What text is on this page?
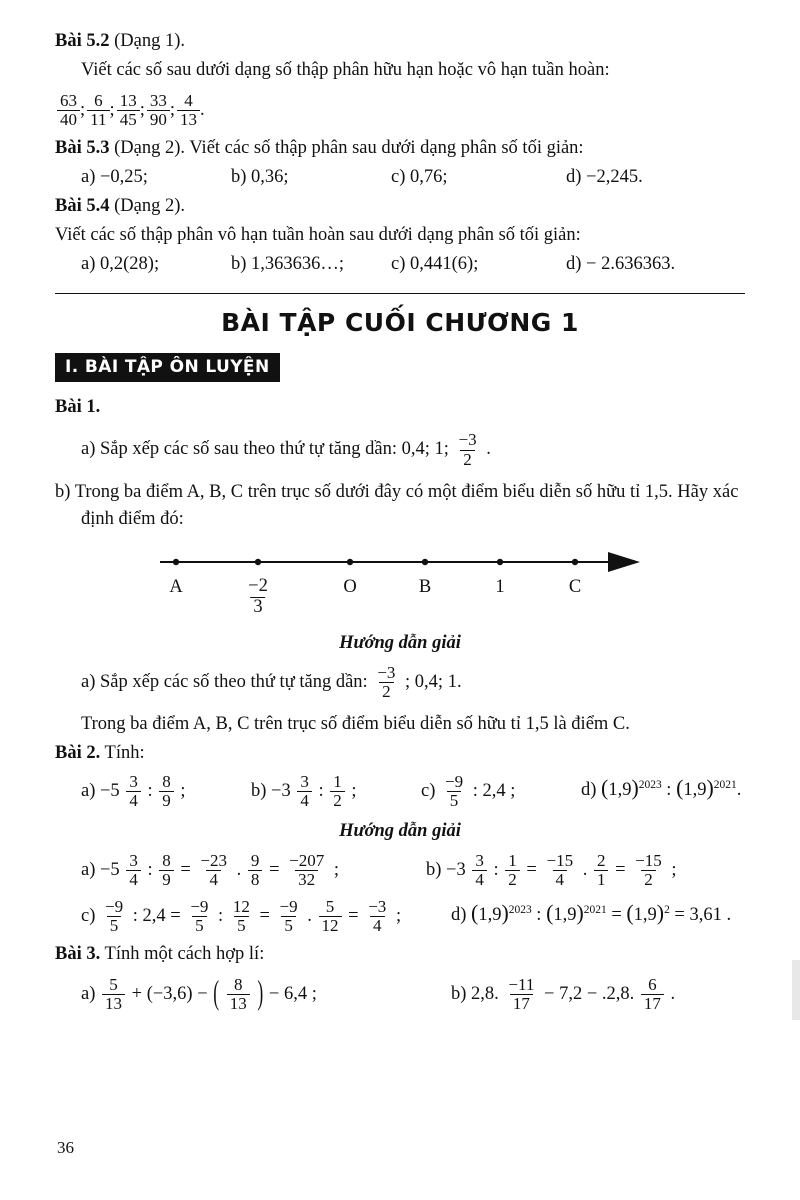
Bài 5.2 (Dạng 1).
Viết các số sau dưới dạng số thập phân hữu hạn hoặc vô hạn tuần hoàn:
$\frac{63}{40}$ ; $\frac{6}{11}$ ; $\frac{13}{45}$ ; $\frac{33}{90}$ ; $\frac{4}{13}$ .
Bài 5.3 (Dạng 2). Viết các số thập phân sau dưới dạng phân số tối giản:
a) −0,25;	b) 0,36;	c) 0,76;	d) −2,245.
Bài 5.4 (Dạng 2).
Viết các số thập phân vô hạn tuần hoàn sau dưới dạng phân số tối giản:
a) 0,2(28);	b) 1,363636…;	c) 0,441(6);	d) − 2.636363.
BÀI TẬP CUỐI CHƯƠNG 1
I. BÀI TẬP ÔN LUYỆN
Bài 1.
a) Sắp xếp các số sau theo thứ tự tăng dần: 0,4; 1; $\frac{-3}{2}$ .
b) Trong ba điểm A, B, C trên trục số dưới đây có một điểm biểu diễn số hữu tỉ 1,5. Hãy xác định điểm đó:
A	$\frac{-2}{3}$	O	B	1	C
Hướng dẫn giải
a) Sắp xếp các số theo thứ tự tăng dần: $\frac{-3}{2}$ ; 0,4; 1.
Trong ba điểm A, B, C trên trục số điểm biểu diễn số hữu tỉ 1,5 là điểm C.
Bài 2. Tính:
$a) -5 \frac{3}{4}$ : $\frac{8}{9}$ ;	$b) -3 \frac{3}{4}$ : $\frac{1}{2}$ ;	$c) \frac{-9}{5}$ : 2,4 ;	d) $(1,9)^{2023}$ : $(1,9)^{2021}$.
Hướng dẫn giải
$a) -5 \frac{3}{4}$ : $\frac{8}{9} = \frac{-23}{4}$ . $\frac{9}{8} = \frac{-207}{32}$ ;	$b) -3 \frac{3}{4}$ : $\frac{1}{2} = \frac{-15}{4}$ . $\frac{2}{1} = \frac{-15}{2}$ ;
$c) \frac{-9}{5}$ : $2,4 = \frac{-9}{5}$ : $\frac{12}{5} = \frac{-9}{5}$ . $\frac{5}{12} = \frac{-3}{4}$ ;	d) $(1,9)^{2023}$ : $(1,9)^{2021} = (1,9)^2 = 3,61$ .
Bài 3. Tính một cách hợp lí:
$a) \frac{5}{13} + (-3,6)$ − ( $\frac{8}{13}$ ) − 6,4 ;	b) 2,8. $\frac{-11}{17} - 7,2 - .2,8$. $\frac{6}{17}$ .
36
